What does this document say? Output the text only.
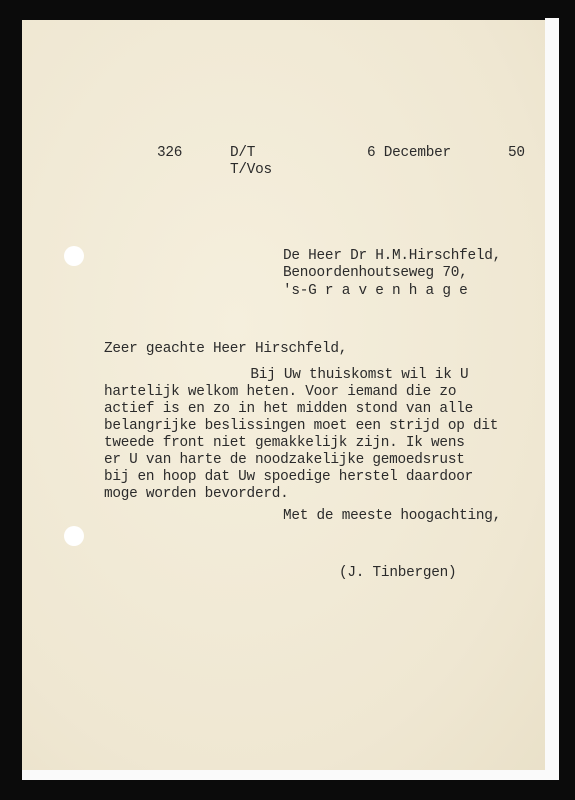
326	D/T
T/Vos
6 December	50
De Heer Dr H.M.Hirschfeld,
Benoordenhoutseweg 70,
's-G r a v e n h a g e
Zeer geachte Heer Hirschfeld,
Bij Uw thuiskomst wil ik U
hartelijk welkom heten. Voor iemand die zo
actief is en zo in het midden stond van alle
belangrijke beslissingen moet een strijd op dit
tweede front niet gemakkelijk zijn. Ik wens
er U van harte de noodzakelijke gemoedsrust
bij en hoop dat Uw spoedige herstel daardoor
moge worden bevorderd.
Met de meeste hoogachting,
(J. Tinbergen)
